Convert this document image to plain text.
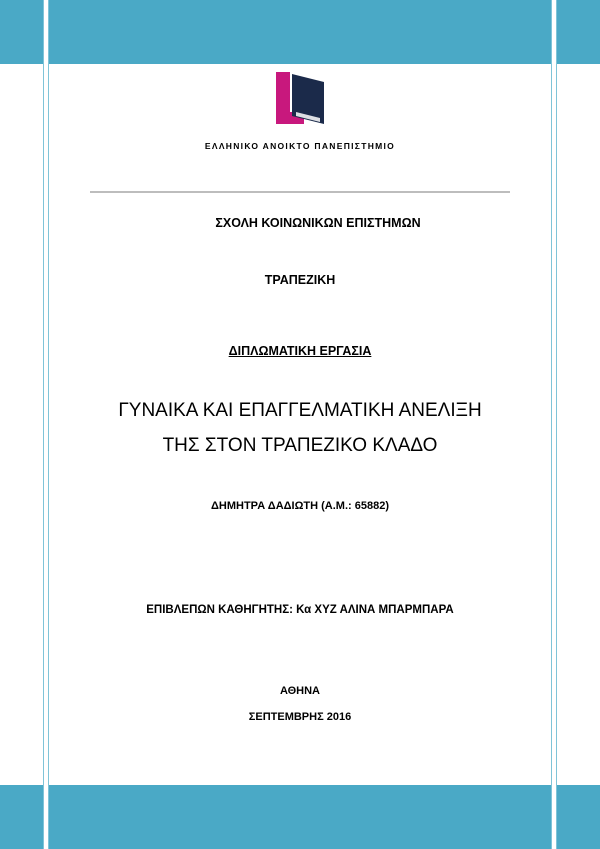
ΕΛΛΗΝΙΚΟ ΑΝΟΙΚΤΟ ΠΑΝΕΠΙΣΤΗΜΙΟ
ΣΧΟΛΗ ΚΟΙΝΩΝΙΚΩΝ ΕΠΙΣΤΗΜΩΝ
ΤΡΑΠΕΖΙΚΗ
ΔΙΠΛΩΜΑΤΙΚΗ ΕΡΓΑΣΙΑ
ΓΥΝΑΙΚΑ ΚΑΙ ΕΠΑΓΓΕΛΜΑΤΙΚΗ ΑΝΕΛΙΞΗ
ΤΗΣ ΣΤΟΝ ΤΡΑΠΕΖΙΚΟ ΚΛΑΔΟ
ΔΗΜΗΤΡΑ ΔΑΔΙΩΤΗ (Α.Μ.: 65882)
ΕΠΙΒΛΕΠΩΝ ΚΑΘΗΓΗΤΗΣ: Κα ΧΥΖ ΑΛΙΝΑ ΜΠΑΡΜΠΑΡΑ
ΑΘΗΝΑ
ΣΕΠΤΕΜΒΡΗΣ 2016
